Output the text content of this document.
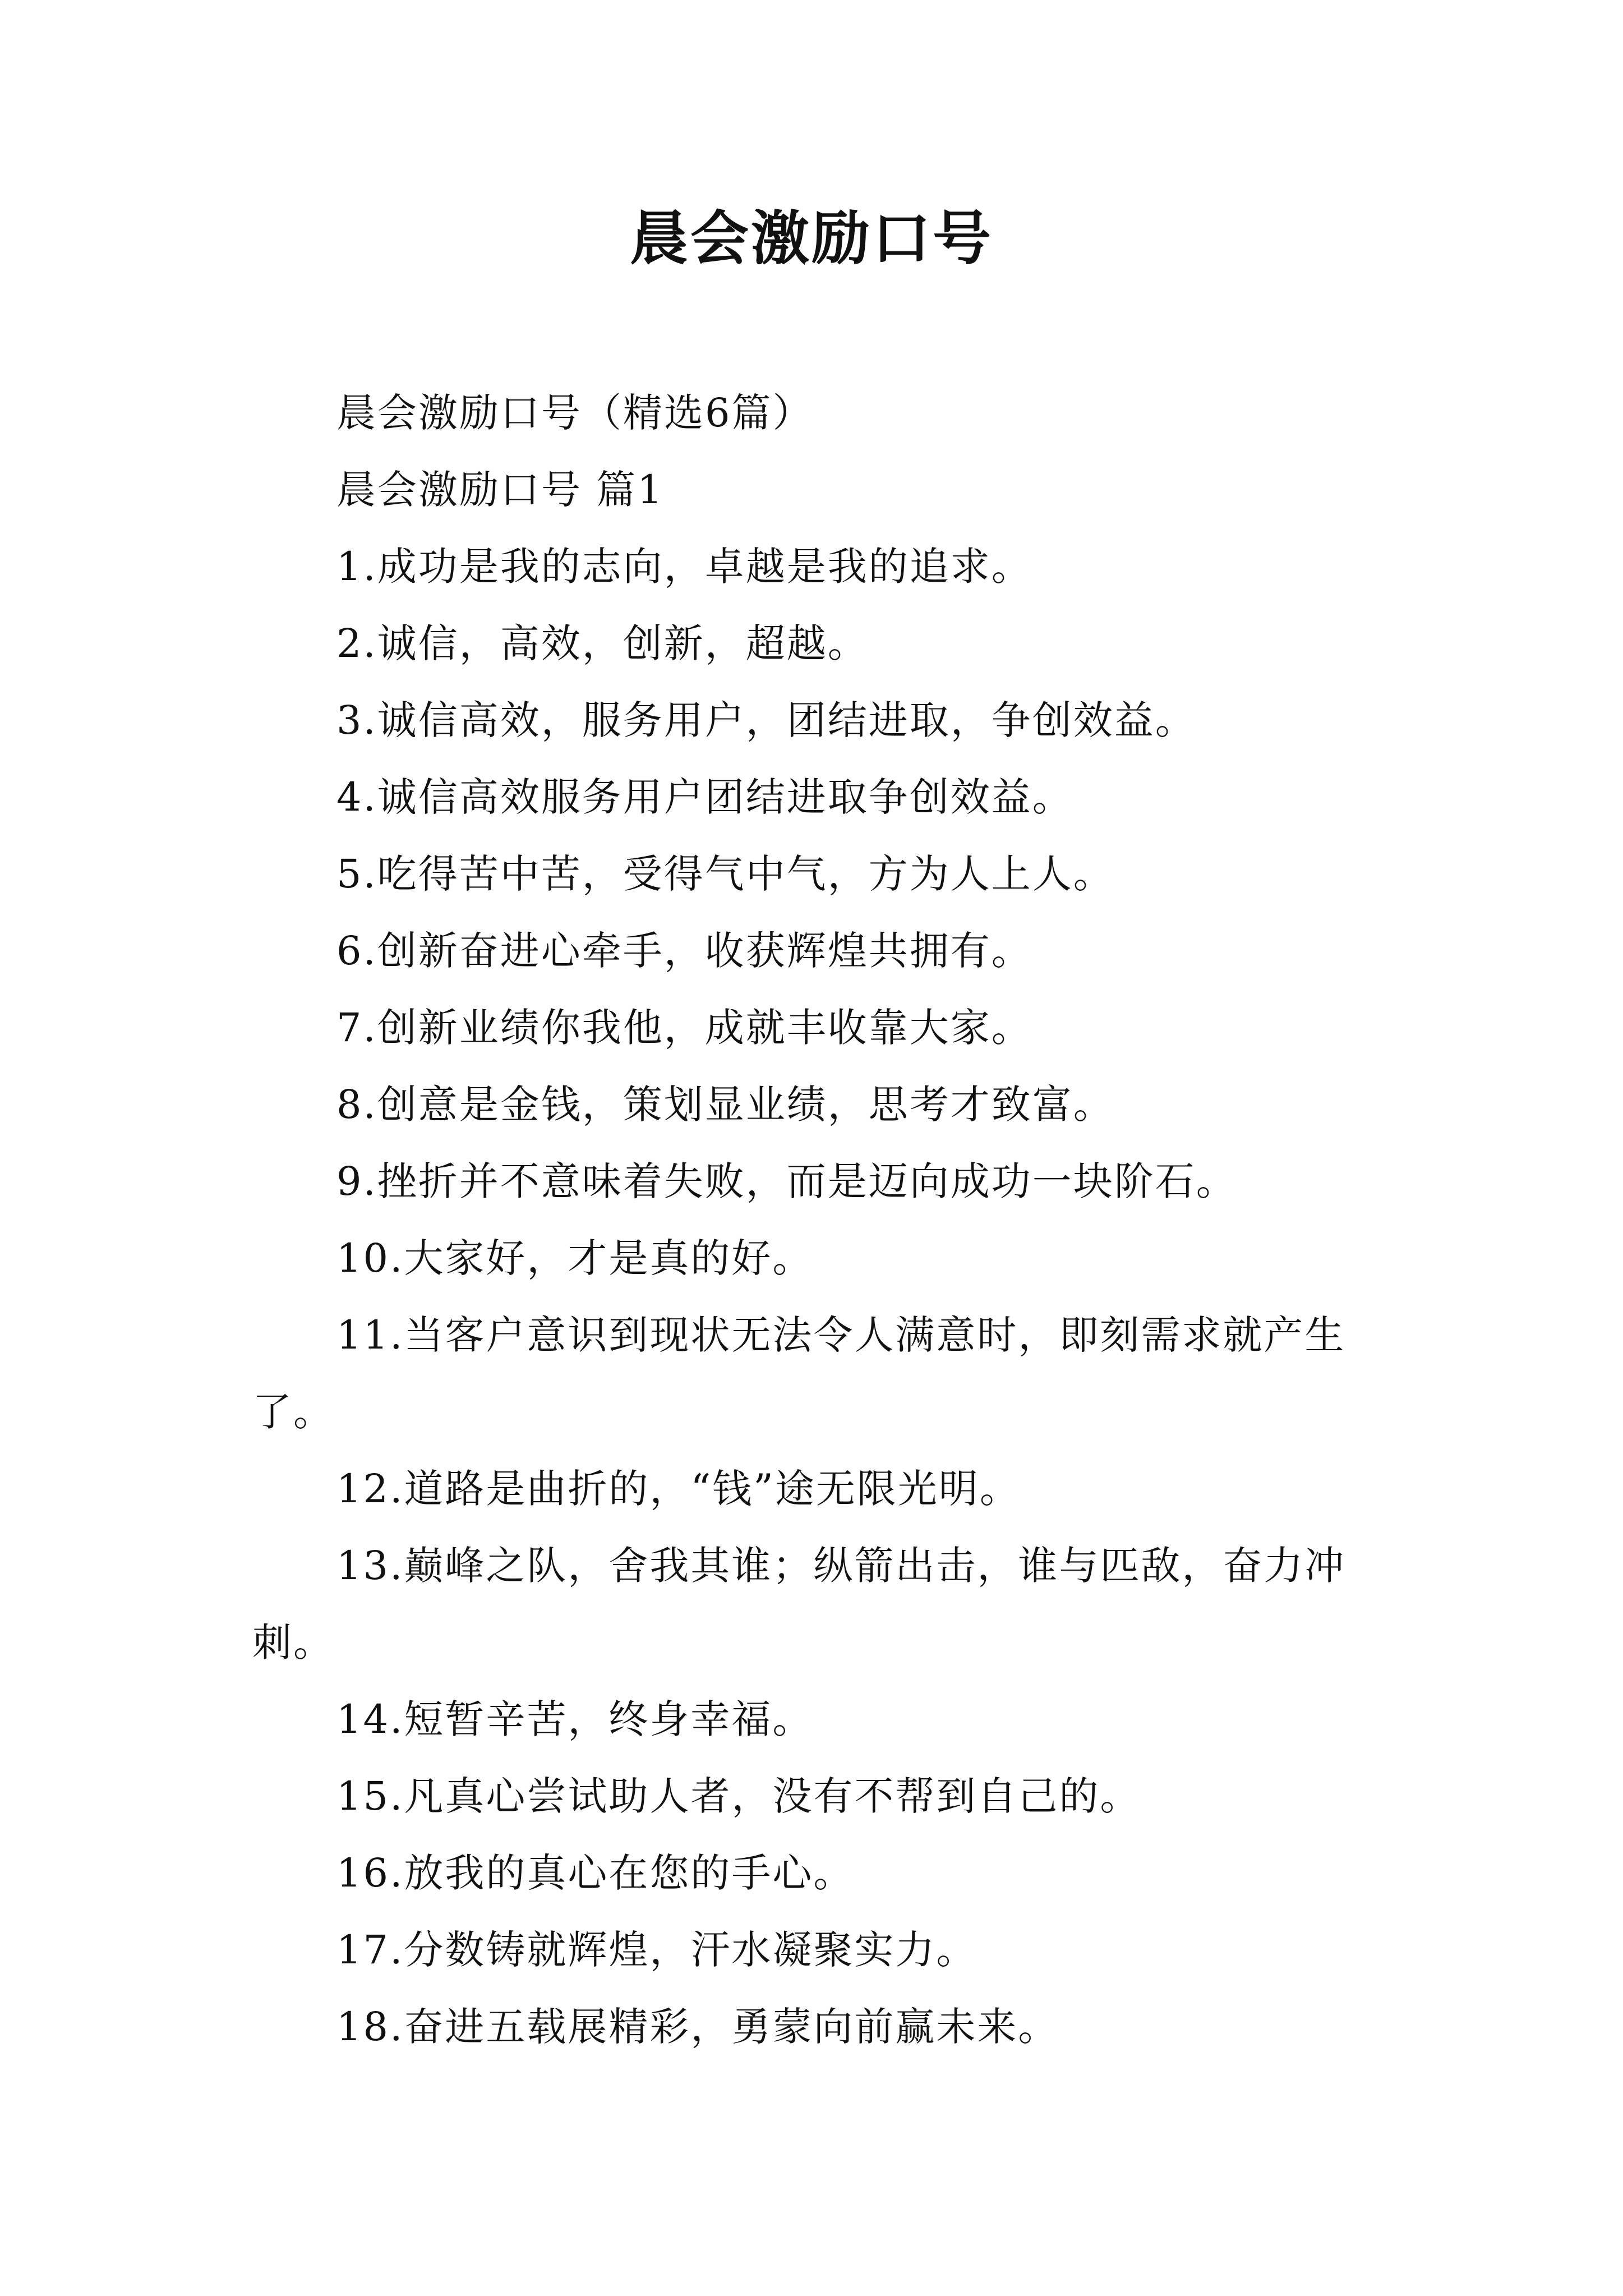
晨会激励口号

晨会激励口号（精选6篇）

晨会激励口号 篇1

1.成功是我的志向，卓越是我的追求。

2.诚信，高效，创新，超越。

3.诚信高效，服务用户，团结进取，争创效益。

4.诚信高效服务用户团结进取争创效益。

5.吃得苦中苦，受得气中气，方为人上人。

6.创新奋进心牵手，收获辉煌共拥有。

7.创新业绩你我他，成就丰收靠大家。

8.创意是金钱，策划显业绩，思考才致富。

9.挫折并不意味着失败，而是迈向成功一块阶石。

10.大家好，才是真的好。

11.当客户意识到现状无法令人满意时，即刻需求就产生了。

12.道路是曲折的，“钱”途无限光明。

13.巅峰之队，舍我其谁；纵箭出击，谁与匹敌，奋力冲刺。

14.短暂辛苦，终身幸福。

15.凡真心尝试助人者，没有不帮到自己的。

16.放我的真心在您的手心。

17.分数铸就辉煌，汗水凝聚实力。

18.奋进五载展精彩，勇蒙向前赢未来。
